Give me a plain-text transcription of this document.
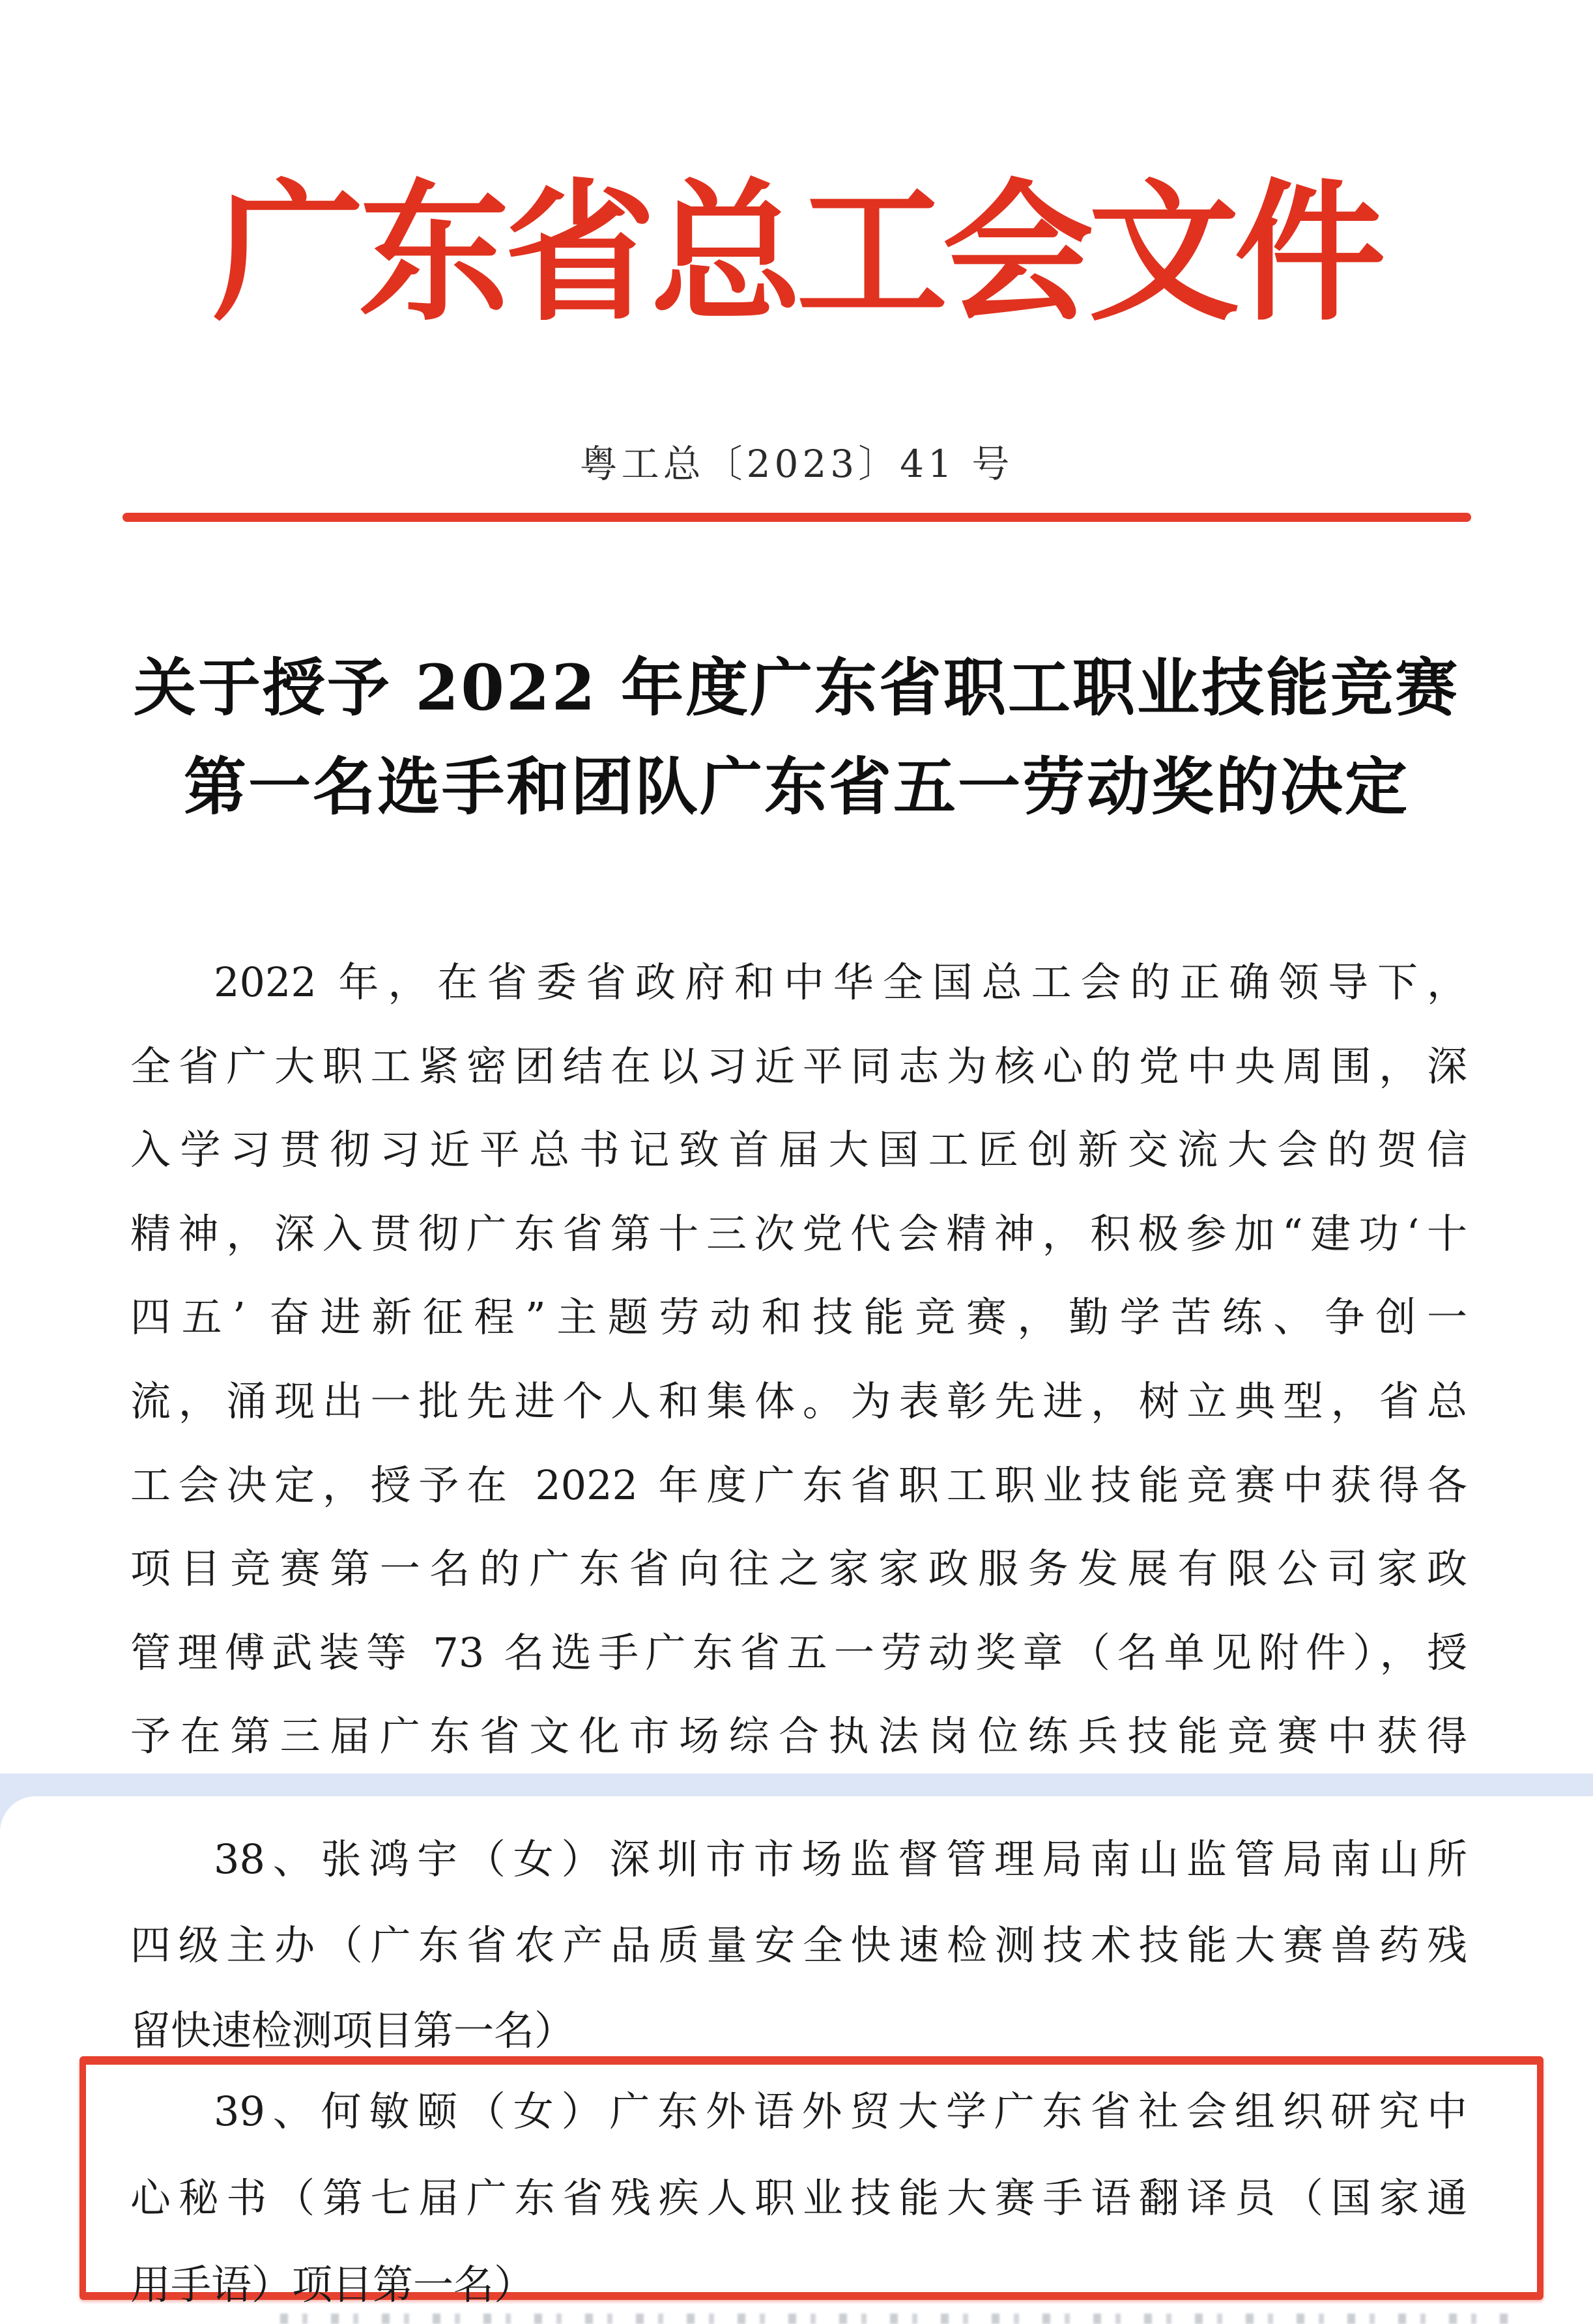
广东省总工会文件
粤工总〔2023〕41 号
关于授予 2022 年度广东省职工职业技能竞赛
第一名选手和团队广东省五一劳动奖的决定
2022 年，在省委省政府和中华全国总工会的正确领导下，
全省广大职工紧密团结在以习近平同志为核心的党中央周围，深
入学习贯彻习近平总书记致首届大国工匠创新交流大会的贺信
精神，深入贯彻广东省第十三次党代会精神，积极参加“建功‘十
四五’ 奋进新征程”主题劳动和技能竞赛，勤学苦练、争创一
流，涌现出一批先进个人和集体。为表彰先进，树立典型，省总
工会决定，授予在 2022 年度广东省职工职业技能竞赛中获得各
项目竞赛第一名的广东省向往之家家政服务发展有限公司家政
管理傅武装等 73 名选手广东省五一劳动奖章（名单见附件），授
予在第三届广东省文化市场综合执法岗位练兵技能竞赛中获得
38、张鸿宇（女）深圳市市场监督管理局南山监管局南山所
四级主办（广东省农产品质量安全快速检测技术技能大赛兽药残
留快速检测项目第一名）
39、何敏颐（女）广东外语外贸大学广东省社会组织研究中
心秘书（第七届广东省残疾人职业技能大赛手语翻译员（国家通
用手语）项目第一名）
